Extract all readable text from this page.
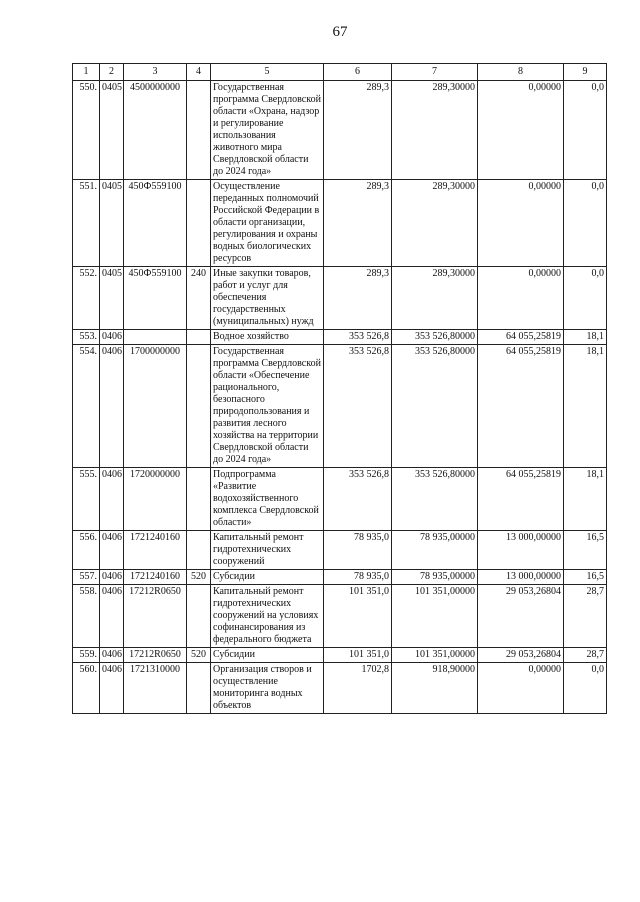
67
1	2	3	4	5	6	7	8	9
550.	0405	4500000000		Государственная программа Свердловской области «Охрана, надзор и регулирование использования животного мира Свердловской области до 2024 года»	289,3	289,30000	0,00000	0,0
551.	0405	450Ф559100		Осуществление переданных полномочий Российской Федерации в области организации, регулирования и охраны водных биологических ресурсов	289,3	289,30000	0,00000	0,0
552.	0405	450Ф559100	240	Иные закупки товаров, работ и услуг для обеспечения государственных (муниципальных) нужд	289,3	289,30000	0,00000	0,0
553.	0406			Водное хозяйство	353 526,8	353 526,80000	64 055,25819	18,1
554.	0406	1700000000		Государственная программа Свердловской области «Обеспечение рационального, безопасного природопользования и развития лесного хозяйства на территории Свердловской области до 2024 года»	353 526,8	353 526,80000	64 055,25819	18,1
555.	0406	1720000000		Подпрограмма «Развитие водохозяйственного комплекса Свердловской области»	353 526,8	353 526,80000	64 055,25819	18,1
556.	0406	1721240160		Капитальный ремонт гидротехнических сооружений	78 935,0	78 935,00000	13 000,00000	16,5
557.	0406	1721240160	520	Субсидии	78 935,0	78 935,00000	13 000,00000	16,5
558.	0406	17212R0650		Капитальный ремонт гидротехнических сооружений на условиях софинансирования из федерального бюджета	101 351,0	101 351,00000	29 053,26804	28,7
559.	0406	17212R0650	520	Субсидии	101 351,0	101 351,00000	29 053,26804	28,7
560.	0406	1721310000		Организация створов и осуществление мониторинга водных объектов	1702,8	918,90000	0,00000	0,0
